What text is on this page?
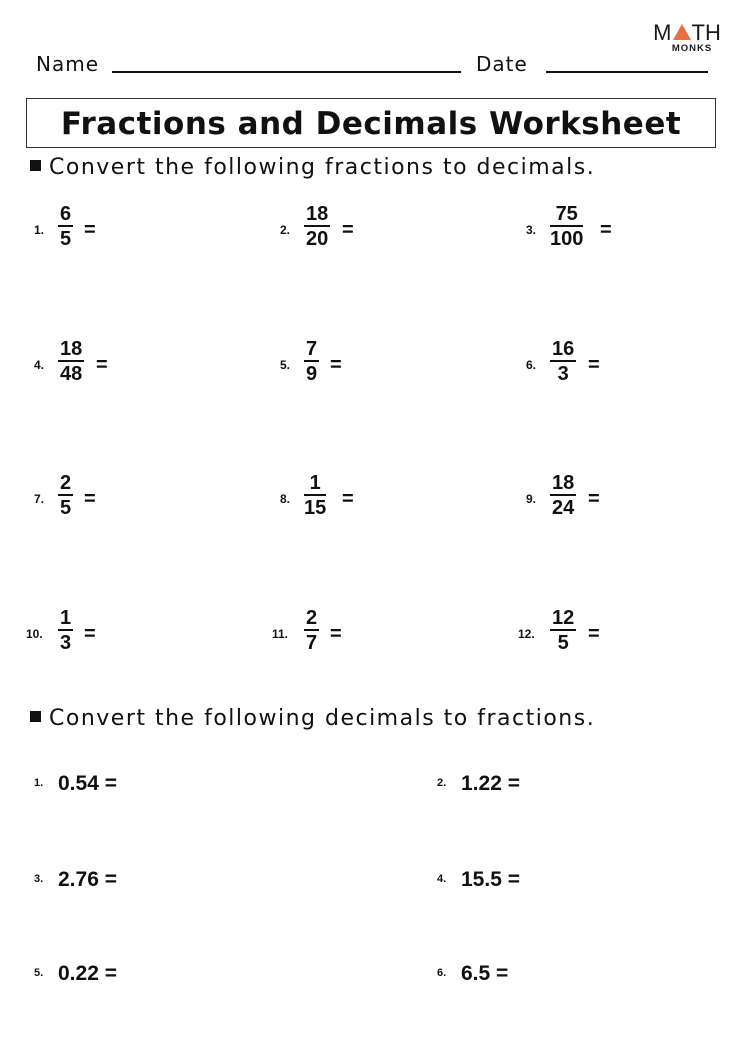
M TH
MONKS
Name	Date
Fractions and Decimals Worksheet
Convert the following fractions to decimals.
1. $\frac{6}{5}$ =	2. $\frac{18}{20}$ =	3. $\frac{75}{100}$ =
4. $\frac{18}{48}$ =	5. $\frac{7}{9}$ =	6. $\frac{16}{3}$ =
7. $\frac{2}{5}$ =	8. $\frac{1}{15}$ =	9. $\frac{18}{24}$ =
10. $\frac{1}{3}$ =	11. $\frac{2}{7}$ =	12. $\frac{12}{5}$ =
Convert the following decimals to fractions.
1. 0.54 =	2. 1.22 =
3. 2.76 =	4. 15.5 =
5. 0.22 =	6. 6.5 =
